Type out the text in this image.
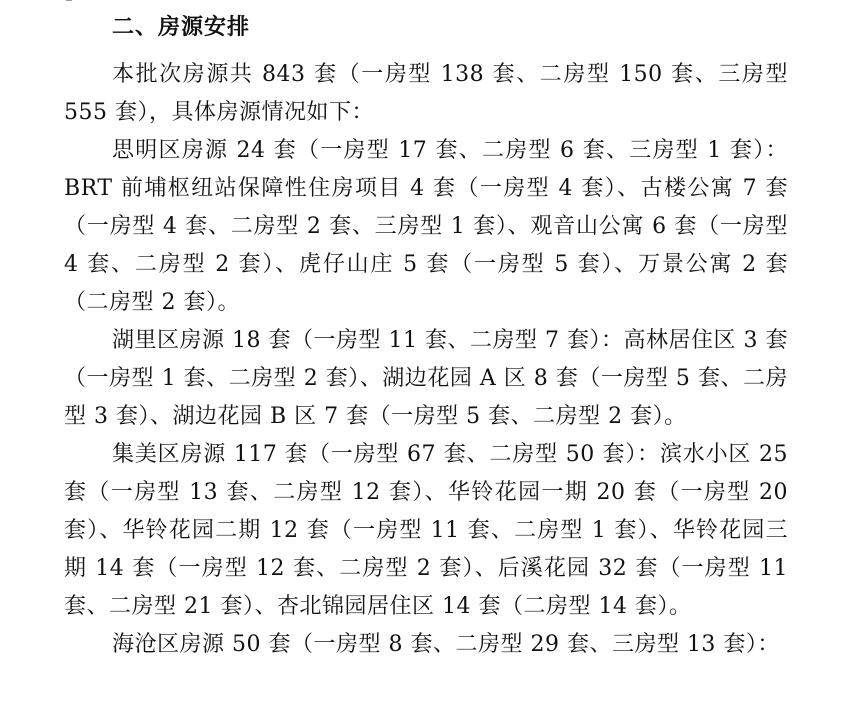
二、房源安排

本批次房源共 843 套（一房型 138 套、二房型 150 套、三房型 555 套），具体房源情况如下：

思明区房源 24 套（一房型 17 套、二房型 6 套、三房型 1 套）：BRT 前埔枢纽站保障性住房项目 4 套（一房型 4 套）、古楼公寓 7 套（一房型 4 套、二房型 2 套、三房型 1 套）、观音山公寓 6 套（一房型 4 套、二房型 2 套）、虎仔山庄 5 套（一房型 5 套）、万景公寓 2 套（二房型 2 套）。

湖里区房源 18 套（一房型 11 套、二房型 7 套）：高林居住区 3 套（一房型 1 套、二房型 2 套）、湖边花园 A 区 8 套（一房型 5 套、二房型 3 套）、湖边花园 B 区 7 套（一房型 5 套、二房型 2 套）。

集美区房源 117 套（一房型 67 套、二房型 50 套）：滨水小区 25 套（一房型 13 套、二房型 12 套）、华铃花园一期 20 套（一房型 20 套）、华铃花园二期 12 套（一房型 11 套、二房型 1 套）、华铃花园三期 14 套（一房型 12 套、二房型 2 套）、后溪花园 32 套（一房型 11 套、二房型 21 套）、杏北锦园居住区 14 套（二房型 14 套）。

海沧区房源 50 套（一房型 8 套、二房型 29 套、三房型 13 套）：
